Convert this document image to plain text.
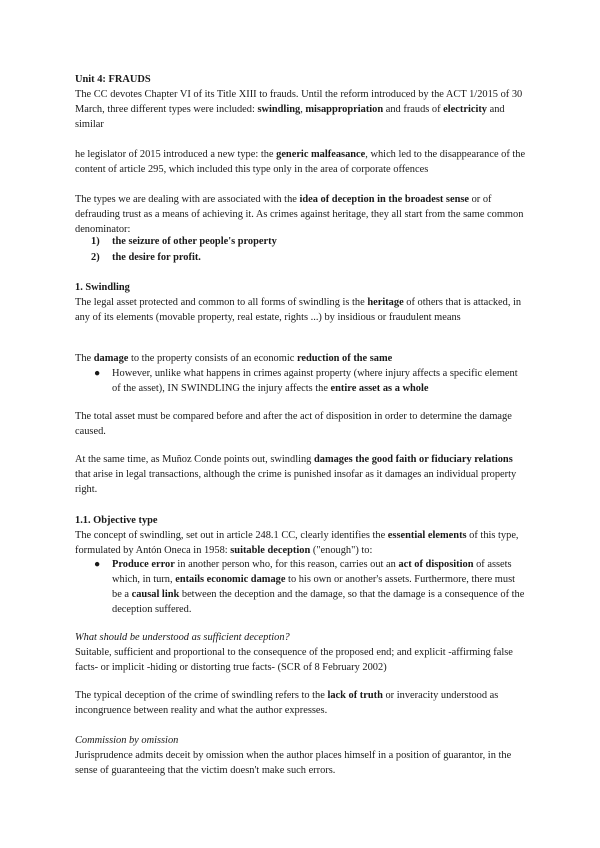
Unit 4: FRAUDS

The CC devotes Chapter VI of its Title XIII to frauds. Until the reform introduced by the ACT 1/2015 of 30 March, three different types were included: swindling, misappropriation and frauds of electricity and similar

he legislator of 2015 introduced a new type: the generic malfeasance, which led to the disappearance of the content of article 295, which included this type only in the area of corporate offences

The types we are dealing with are associated with the idea of deception in the broadest sense or of defrauding trust as a means of achieving it. As crimes against heritage, they all start from the same common denominator:

1) the seizure of other people's property
2) the desire for profit.

1. Swindling

The legal asset protected and common to all forms of swindling is the heritage of others that is attacked, in any of its elements (movable property, real estate, rights ...) by insidious or fraudulent means

The damage to the property consists of an economic reduction of the same

● However, unlike what happens in crimes against property (where injury affects a specific element of the asset), IN SWINDLING the injury affects the entire asset as a whole

The total asset must be compared before and after the act of disposition in order to determine the damage caused.

At the same time, as Muñoz Conde points out, swindling damages the good faith or fiduciary relations that arise in legal transactions, although the crime is punished insofar as it damages an individual property right.

1.1. Objective type

The concept of swindling, set out in article 248.1 CC, clearly identifies the essential elements of this type, formulated by Antón Oneca in 1958: suitable deception ("enough") to:

● Produce error in another person who, for this reason, carries out an act of disposition of assets which, in turn, entails economic damage to his own or another's assets. Furthermore, there must be a causal link between the deception and the damage, so that the damage is a consequence of the deception suffered.

What should be understood as sufficient deception?

Suitable, sufficient and proportional to the consequence of the proposed end; and explicit -affirming false facts- or implicit -hiding or distorting true facts- (SCR of 8 February 2002)

The typical deception of the crime of swindling refers to the lack of truth or inveracity understood as incongruence between reality and what the author expresses.

Commission by omission

Jurisprudence admits deceit by omission when the author places himself in a position of guarantor, in the sense of guaranteeing that the victim doesn't make such errors.
